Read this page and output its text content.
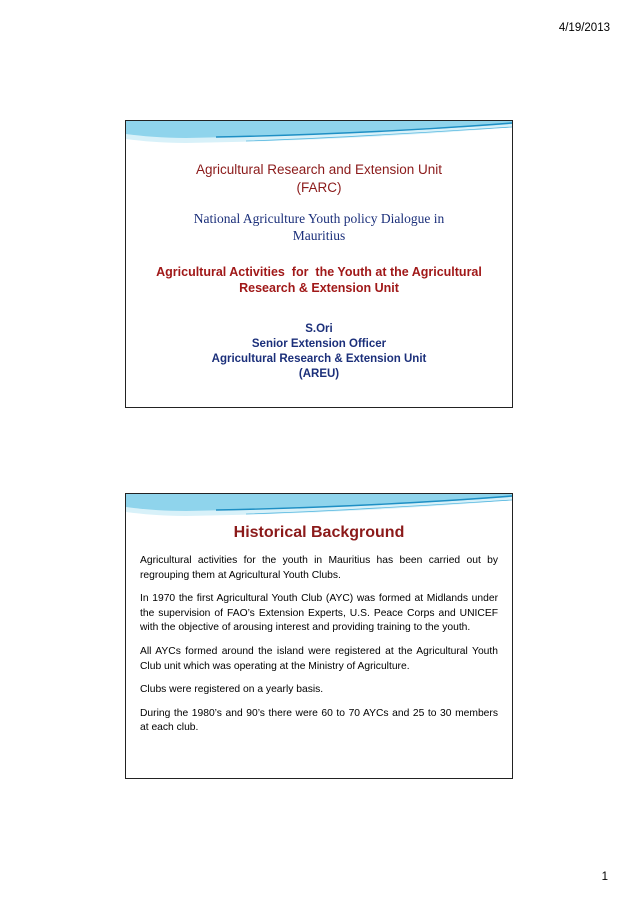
4/19/2013
Agricultural Research and Extension Unit
(FARC)
National Agriculture Youth policy Dialogue in
Mauritius
Agricultural Activities  for  the Youth at the Agricultural
Research & Extension Unit
S.Ori
Senior Extension Officer
Agricultural Research & Extension Unit
(AREU)
Historical Background

Agricultural activities for the youth in Mauritius has been carried out by regrouping them at Agricultural Youth Clubs.

In 1970 the first Agricultural Youth Club (AYC) was formed at Midlands under the supervision of FAO’s Extension Experts, U.S. Peace Corps and UNICEF with the objective of arousing interest and providing training to the youth.

All AYCs formed around the island were registered at the Agricultural Youth Club unit which was operating at the Ministry of Agriculture.

Clubs were registered on a yearly basis.

During the 1980’s and 90’s there were 60 to 70 AYCs and 25 to 30 members at each club.

1
